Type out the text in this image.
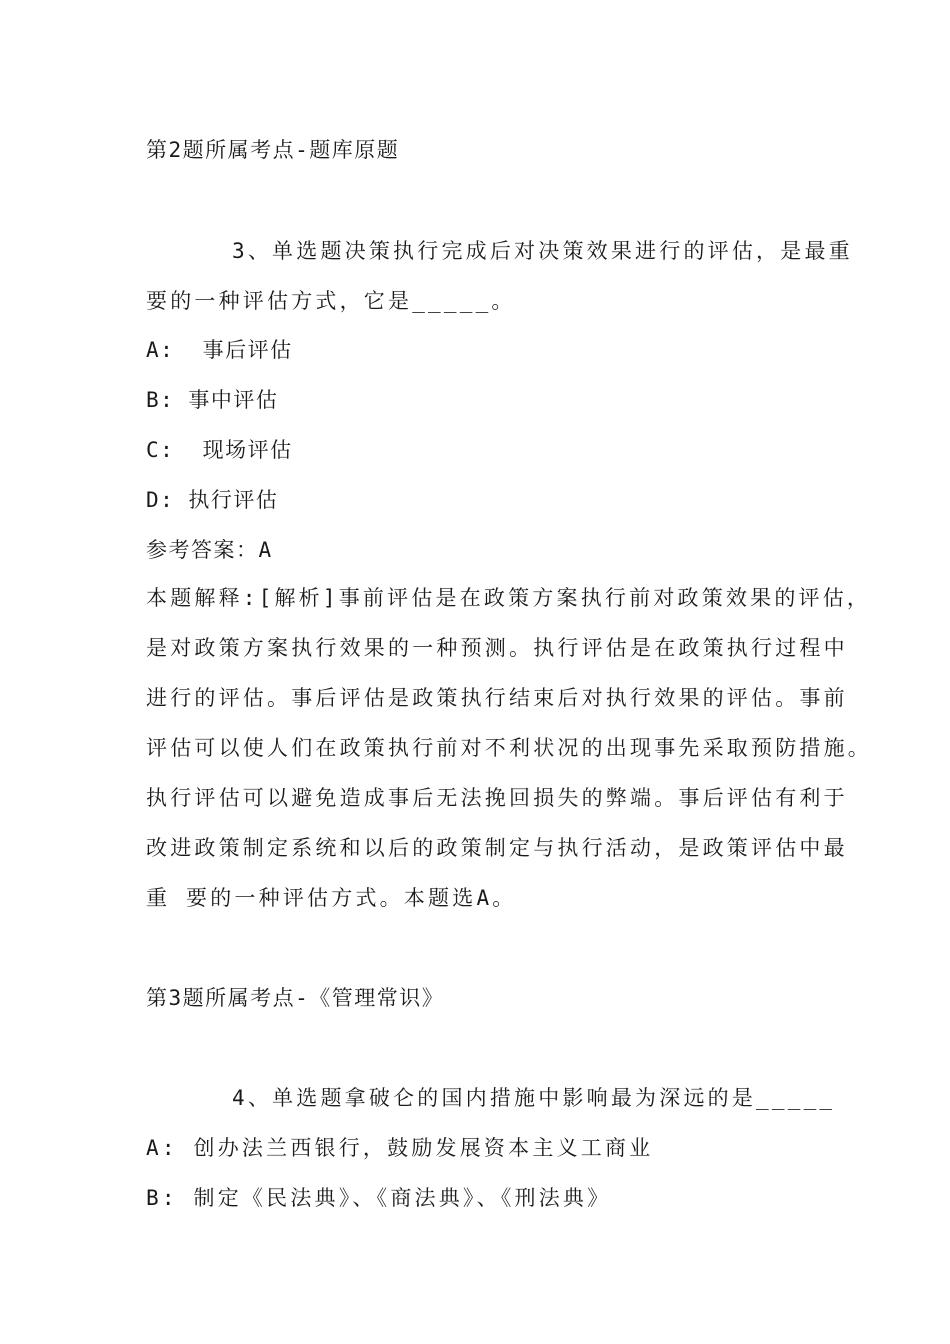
第2题所属考点-题库原题
3、单选题决策执行完成后对决策效果进行的评估，是最重
要的一种评估方式，它是_____。
A:  事后评估
B: 事中评估
C:  现场评估
D: 执行评估
参考答案：A
本题解释:[解析]事前评估是在政策方案执行前对政策效果的评估，
是对政策方案执行效果的一种预测。执行评估是在政策执行过程中
进行的评估。事后评估是政策执行结束后对执行效果的评估。事前
评估可以使人们在政策执行前对不利状况的出现事先采取预防措施。
执行评估可以避免造成事后无法挽回损失的弊端。事后评估有利于
改进政策制定系统和以后的政策制定与执行活动，是政策评估中最
重 要的一种评估方式。本题选A。
第3题所属考点-《管理常识》
4、单选题拿破仑的国内措施中影响最为深远的是_____
A: 创办法兰西银行，鼓励发展资本主义工商业
B: 制定《民法典》、《商法典》、《刑法典》
